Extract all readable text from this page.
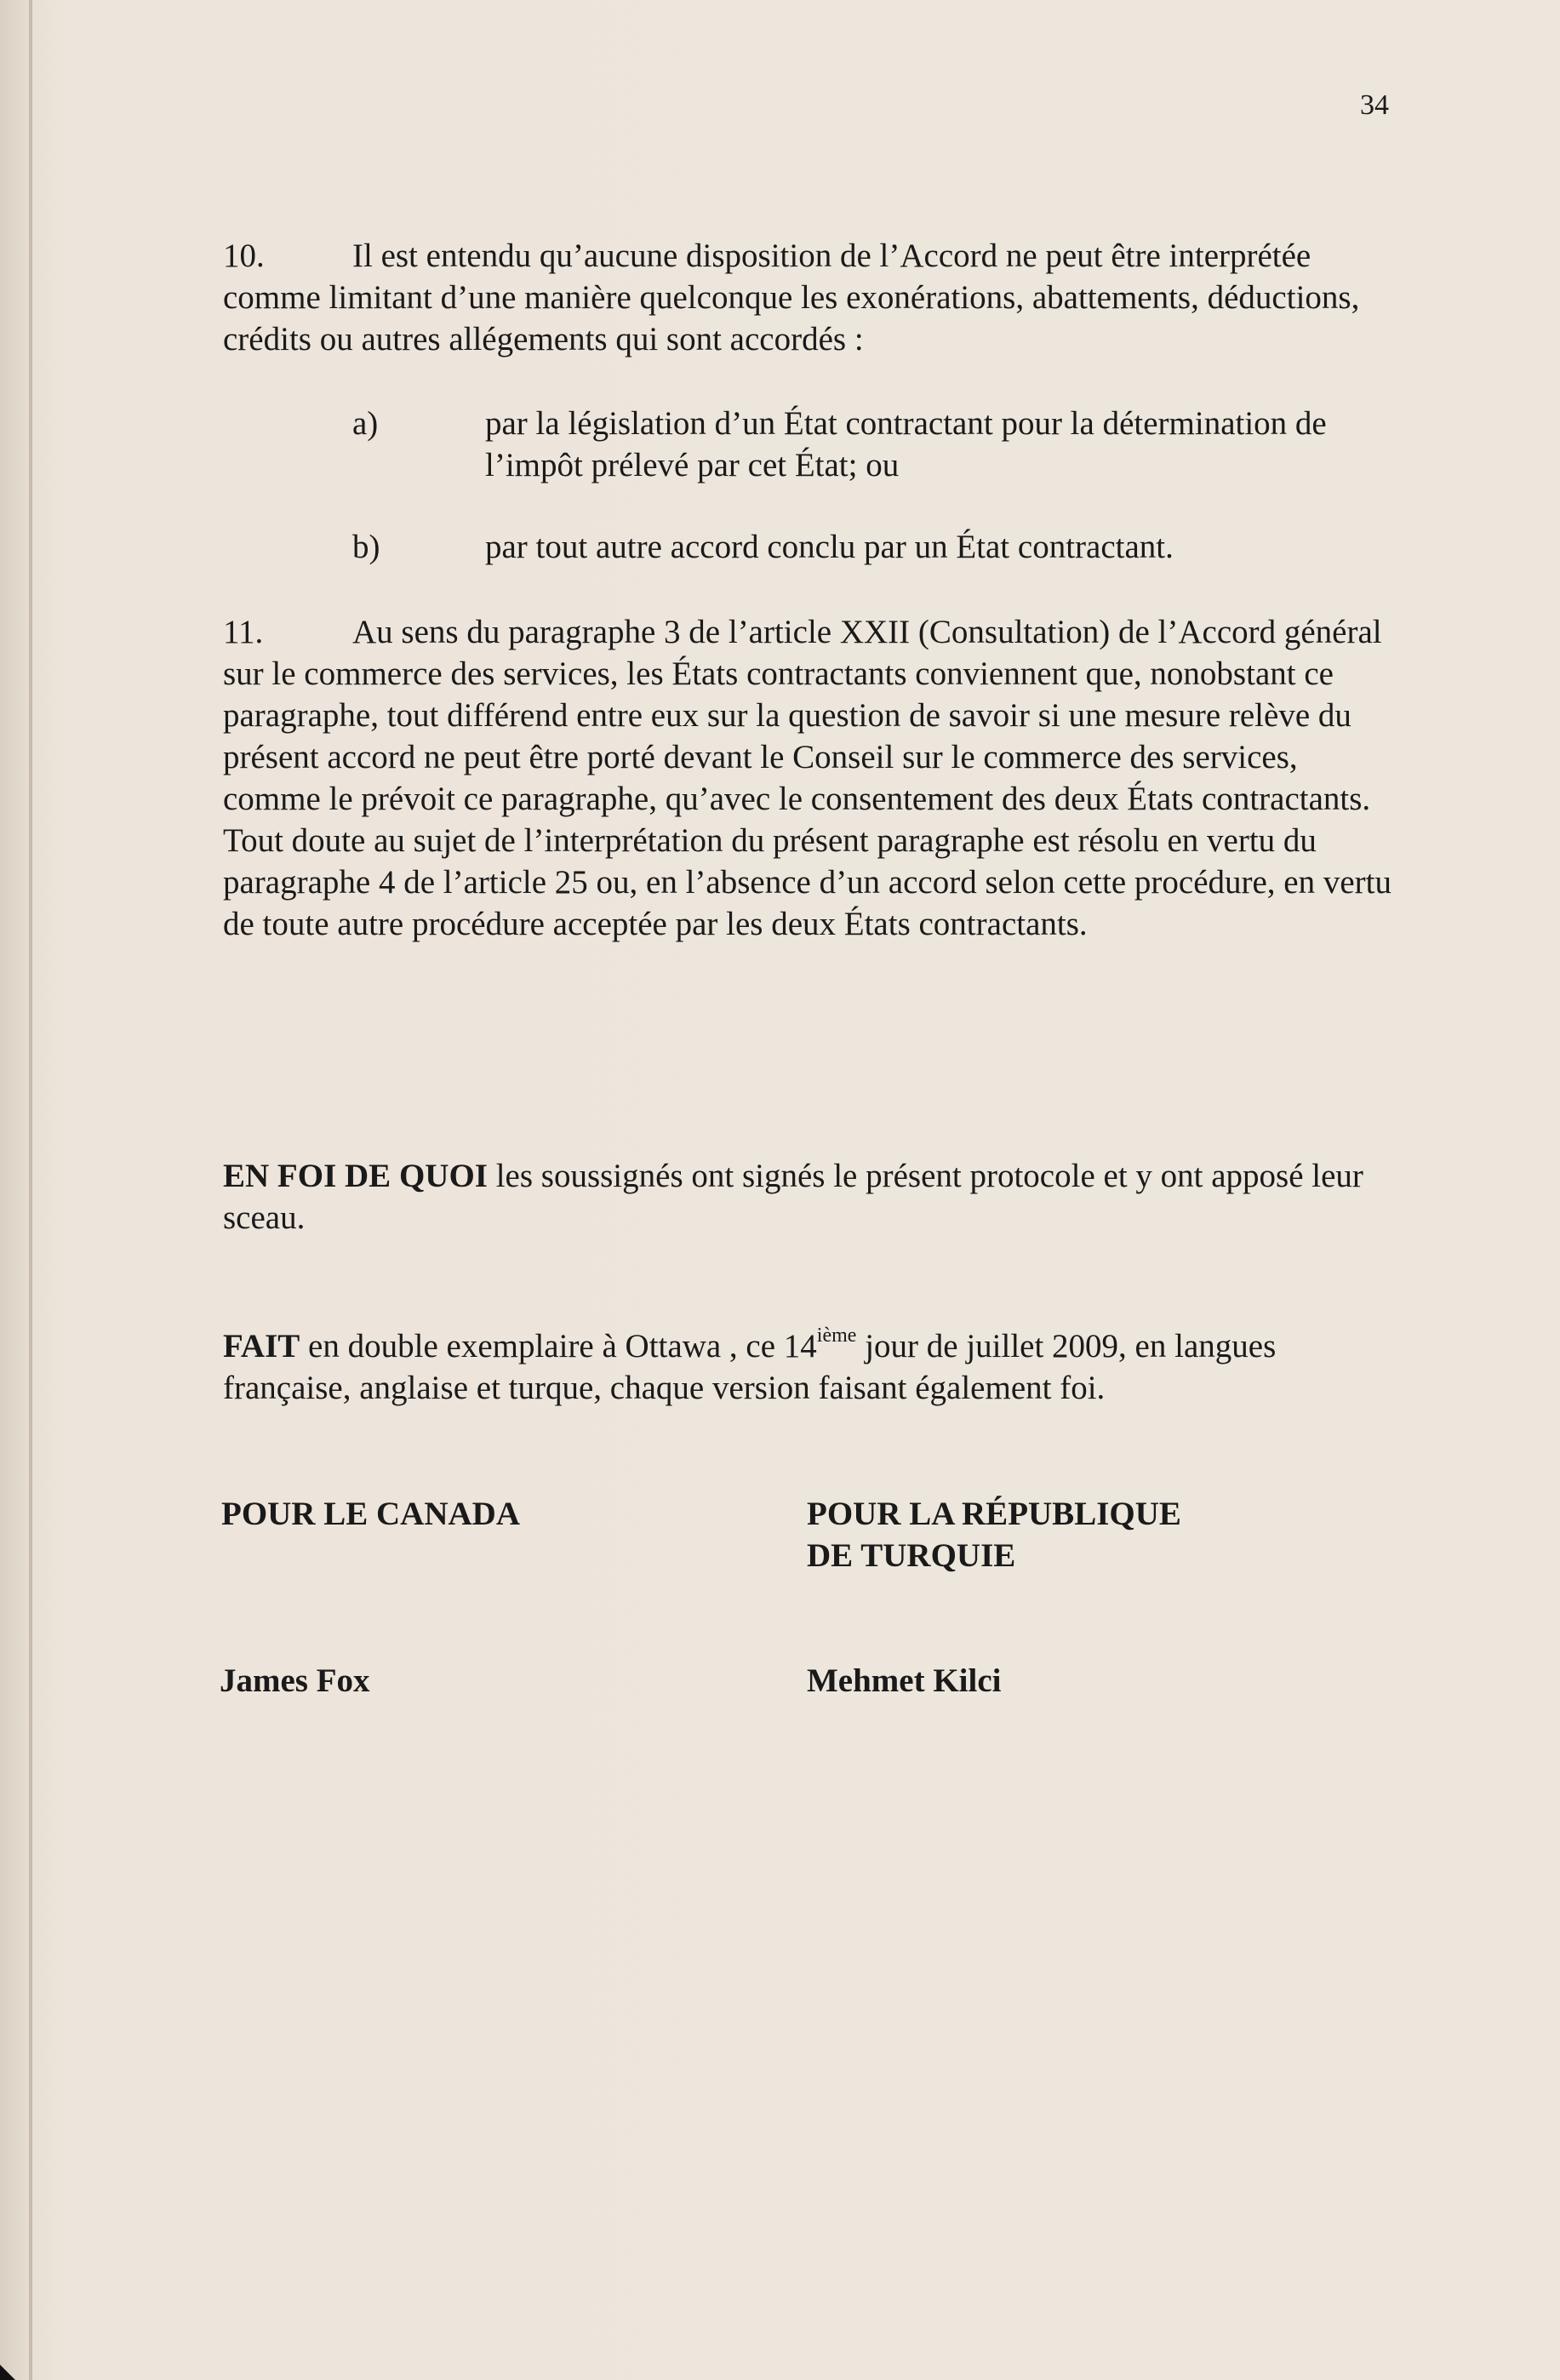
34
10.	Il est entendu qu’aucune disposition de l’Accord ne peut être interprétée comme limitant d’une manière quelconque les exonérations, abattements, déductions, crédits ou autres allégements qui sont accordés :
a)	par la législation d’un État contractant pour la détermination de l’impôt prélevé par cet État; ou
b)	par tout autre accord conclu par un État contractant.
11.	Au sens du paragraphe 3 de l’article XXII (Consultation) de l’Accord général sur le commerce des services, les États contractants conviennent que, nonobstant ce paragraphe, tout différend entre eux sur la question de savoir si une mesure relève du présent accord ne peut être porté devant le Conseil sur le commerce des services, comme le prévoit ce paragraphe, qu’avec le consentement des deux États contractants. Tout doute au sujet de l’interprétation du présent paragraphe est résolu en vertu du paragraphe 4 de l’article 25 ou, en l’absence d’un accord selon cette procédure, en vertu de toute autre procédure acceptée par les deux États contractants.
EN FOI DE QUOI les soussignés ont signés le présent protocole et y ont apposé leur sceau.
FAIT en double exemplaire à Ottawa , ce 14ième jour de juillet 2009, en langues française, anglaise et turque, chaque version faisant également foi.
POUR LE CANADA	POUR LA RÉPUBLIQUE
DE TURQUIE
James Fox	Mehmet Kilci
